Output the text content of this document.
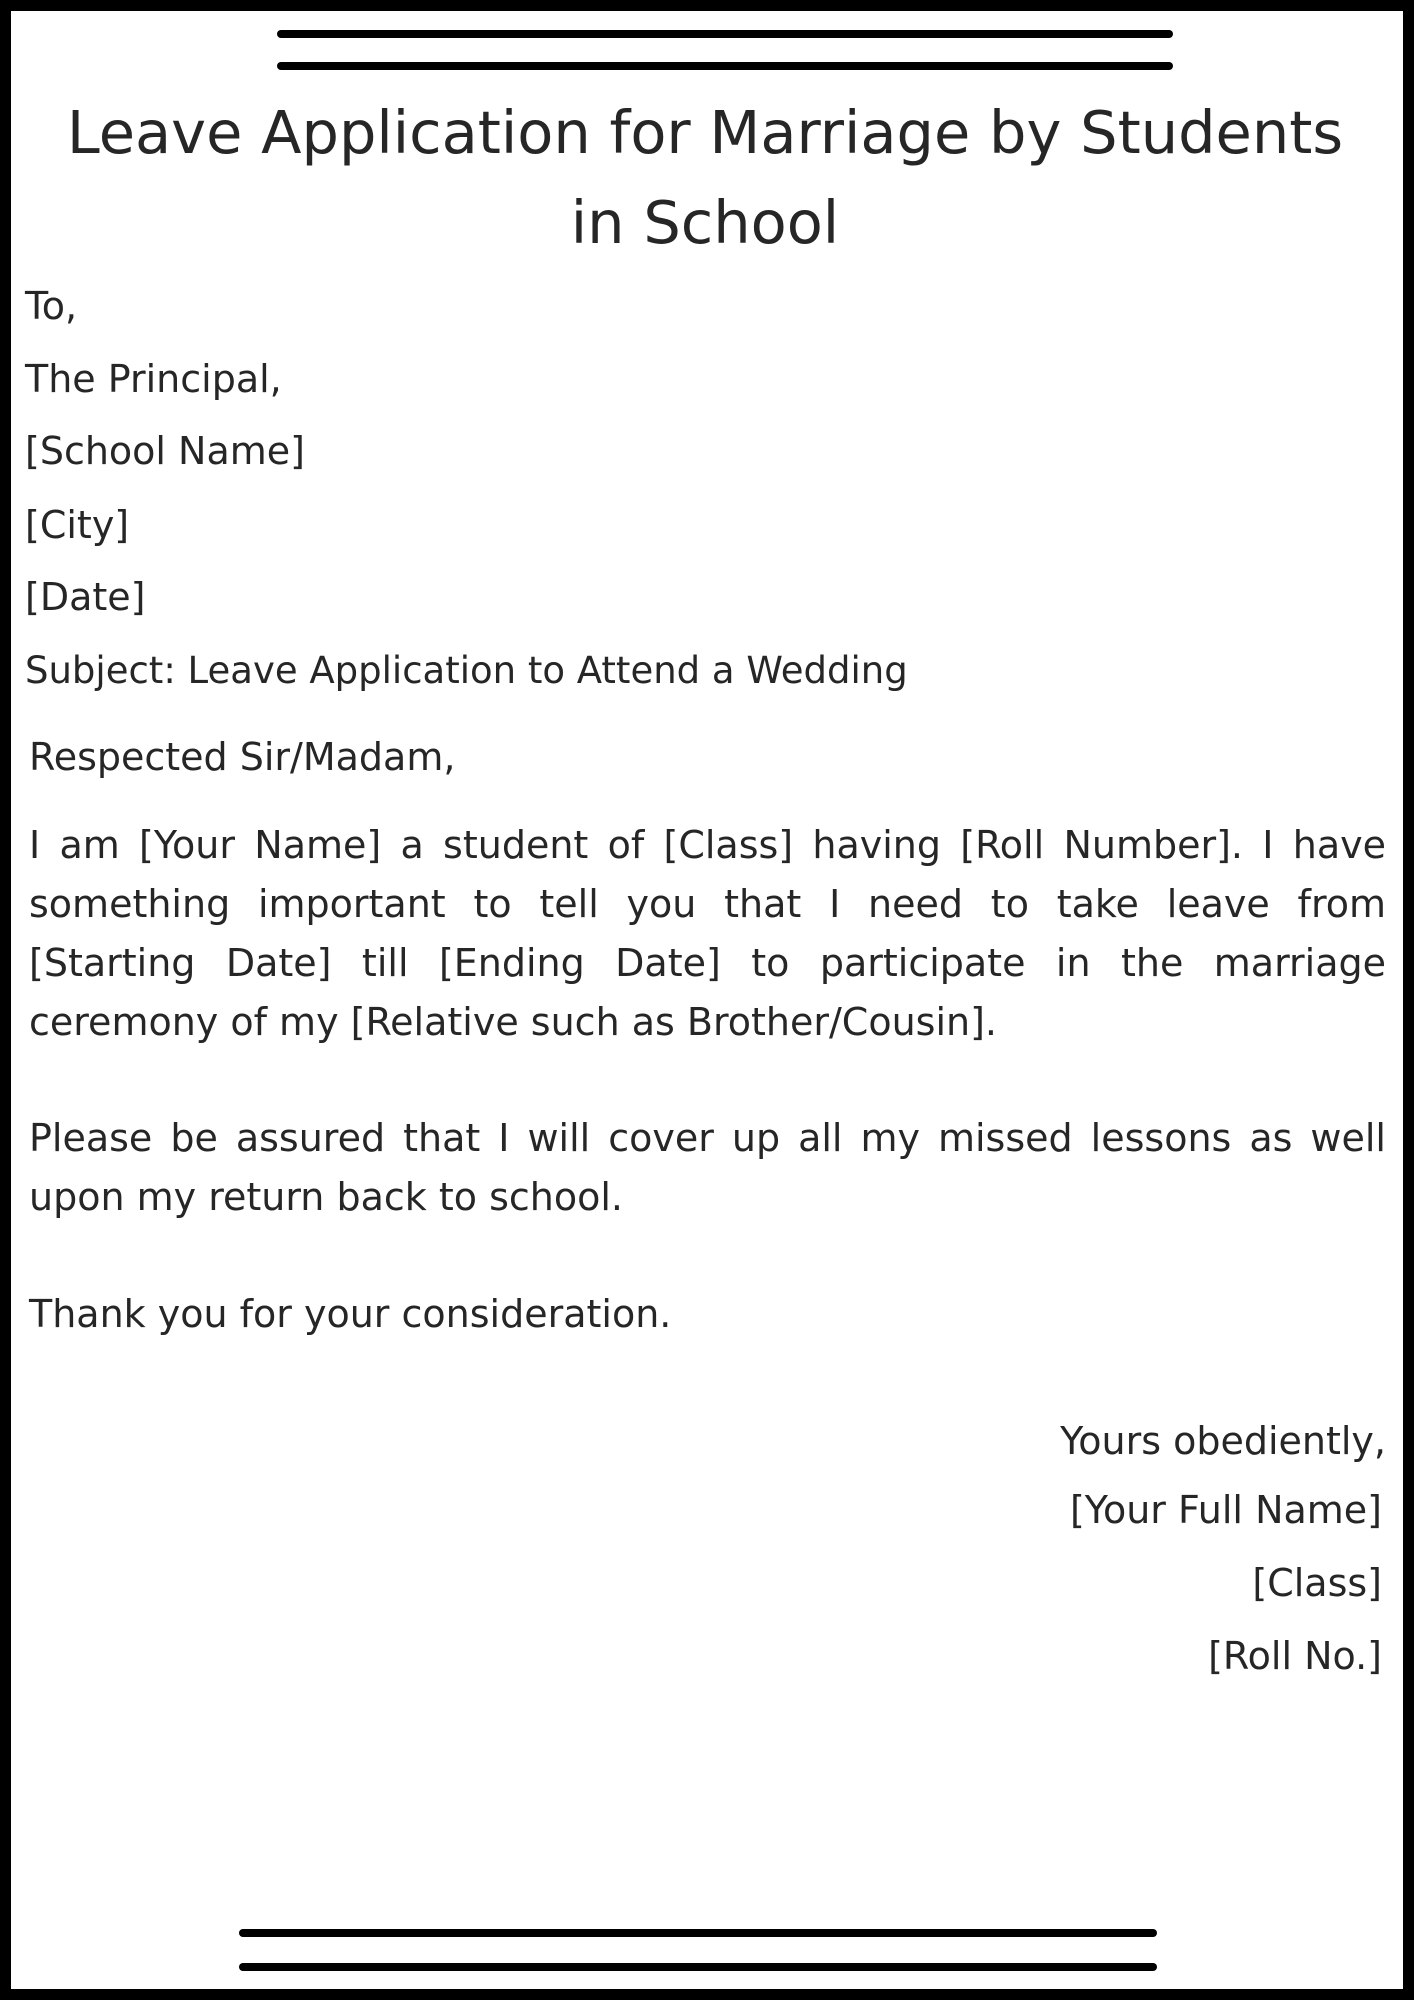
Leave Application for Marriage by Students in School

To,

The Principal,

[School Name]

[City]

[Date]

Subject: Leave Application to Attend a Wedding

Respected Sir/Madam,

I am [Your Name] a student of [Class] having [Roll Number]. I have something important to tell you that I need to take leave from [Starting Date] till [Ending Date] to participate in the marriage ceremony of my [Relative such as Brother/Cousin].

Please be assured that I will cover up all my missed lessons as well upon my return back to school.

Thank you for your consideration.

Yours obediently,

[Your Full Name]

[Class]

[Roll No.]
